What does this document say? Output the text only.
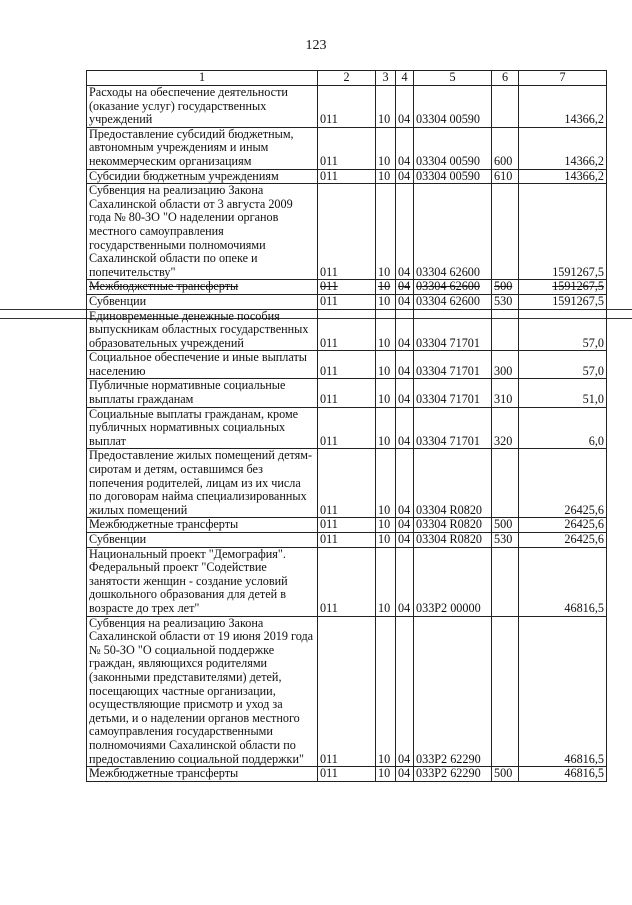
123
1	2	3	4	5	6	7
Расходы на обеспечение деятельности (оказание услуг) государственных учреждений	011	10	04	03304 00590		14366,2
Предоставление субсидий бюджетным, автономным учреждениям и иным некоммерческим организациям	011	10	04	03304 00590	600	14366,2
Субсидии бюджетным учреждениям	011	10	04	03304 00590	610	14366,2
Субвенция на реализацию Закона Сахалинской области от 3 августа 2009 года № 80-ЗО "О наделении органов местного самоуправления государственными полномочиями Сахалинской области по опеке и попечительству"	011	10	04	03304 62600		1591267,5
Межбюджетные трансферты	011	10	04	03304 62600	500	1591267,5
Субвенции	011	10	04	03304 62600	530	1591267,5
Единовременные денежные пособия выпускникам областных государственных образовательных учреждений	011	10	04	03304 71701		57,0
Социальное обеспечение и иные выплаты населению	011	10	04	03304 71701	300	57,0
Публичные нормативные социальные выплаты гражданам	011	10	04	03304 71701	310	51,0
Социальные выплаты гражданам, кроме публичных нормативных социальных выплат	011	10	04	03304 71701	320	6,0
Предоставление жилых помещений детям-сиротам и детям, оставшимся без попечения родителей, лицам из их числа по договорам найма специализированных жилых помещений	011	10	04	03304 R0820		26425,6
Межбюджетные трансферты	011	10	04	03304 R0820	500	26425,6
Субвенции	011	10	04	03304 R0820	530	26425,6
Национальный проект "Демография". Федеральный проект "Содействие занятости женщин - создание условий дошкольного образования для детей в возрасте до трех лет"	011	10	04	033P2 00000		46816,5
Субвенция на реализацию Закона Сахалинской области от 19 июня 2019 года № 50-ЗО "О социальной поддержке граждан, являющихся родителями (законными представителями) детей, посещающих частные организации, осуществляющие присмотр и уход за детьми, и о наделении органов местного самоуправления государственными полномочиями Сахалинской области по предоставлению социальной поддержки"	011	10	04	033P2 62290		46816,5
Межбюджетные трансферты	011	10	04	033P2 62290	500	46816,5
